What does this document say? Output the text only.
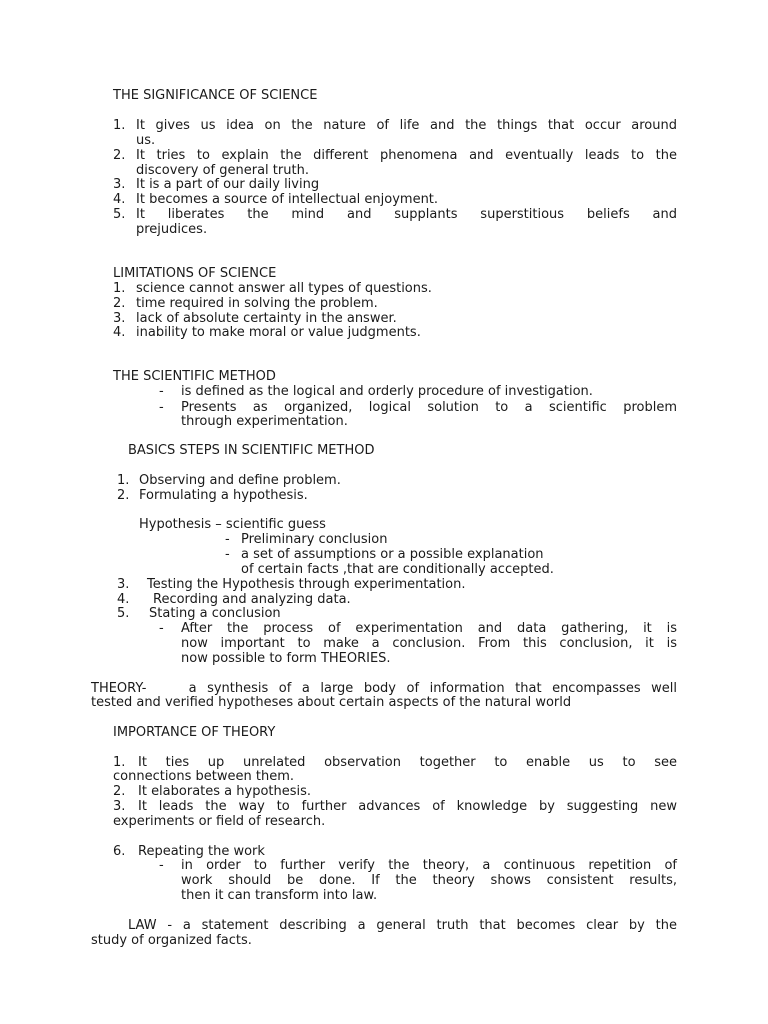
THE SIGNIFICANCE OF SCIENCE

1. It gives us idea on the nature of life and the things that occur around

us.

2. It tries to explain the different phenomena and eventually leads to the

discovery of general truth.

3. It is a part of our daily living

4. It becomes a source of intellectual enjoyment.

5. It liberates the mind and supplants superstitious beliefs and

prejudices.

LIMITATIONS OF SCIENCE

1. science cannot answer all types of questions.

2. time required in solving the problem.

3. lack of absolute certainty in the answer.

4. inability to make moral or value judgments.

THE SCIENTIFIC METHOD

- is defined as the logical and orderly procedure of investigation.

- Presents as organized, logical solution to a scientific problem

through experimentation.

BASICS STEPS IN SCIENTIFIC METHOD

1. Observing and define problem.

2. Formulating a hypothesis.

Hypothesis – scientific guess

- Preliminary conclusion

- a set of assumptions or a possible explanation

of certain facts ,that are conditionally accepted.

3. Testing the Hypothesis through experimentation.

4. Recording and analyzing data.

5. Stating a conclusion

- After the process of experimentation and data gathering, it is

now important to make a conclusion. From this conclusion, it is

now possible to form THEORIES.

THEORY-    a synthesis of a large body of information that encompasses well

tested and verified hypotheses about certain aspects of the natural world

IMPORTANCE OF THEORY

1. It ties up unrelated observation together to enable us to see

connections between them.

2. It elaborates a hypothesis.

3. It leads the way to further advances of knowledge by suggesting new

experiments or field of research.

6. Repeating the work

- in order to further verify the theory, a continuous repetition of

work should be done. If the theory shows consistent results,

then it can transform into law.

LAW - a statement describing a general truth that becomes clear by the

study of organized facts.
